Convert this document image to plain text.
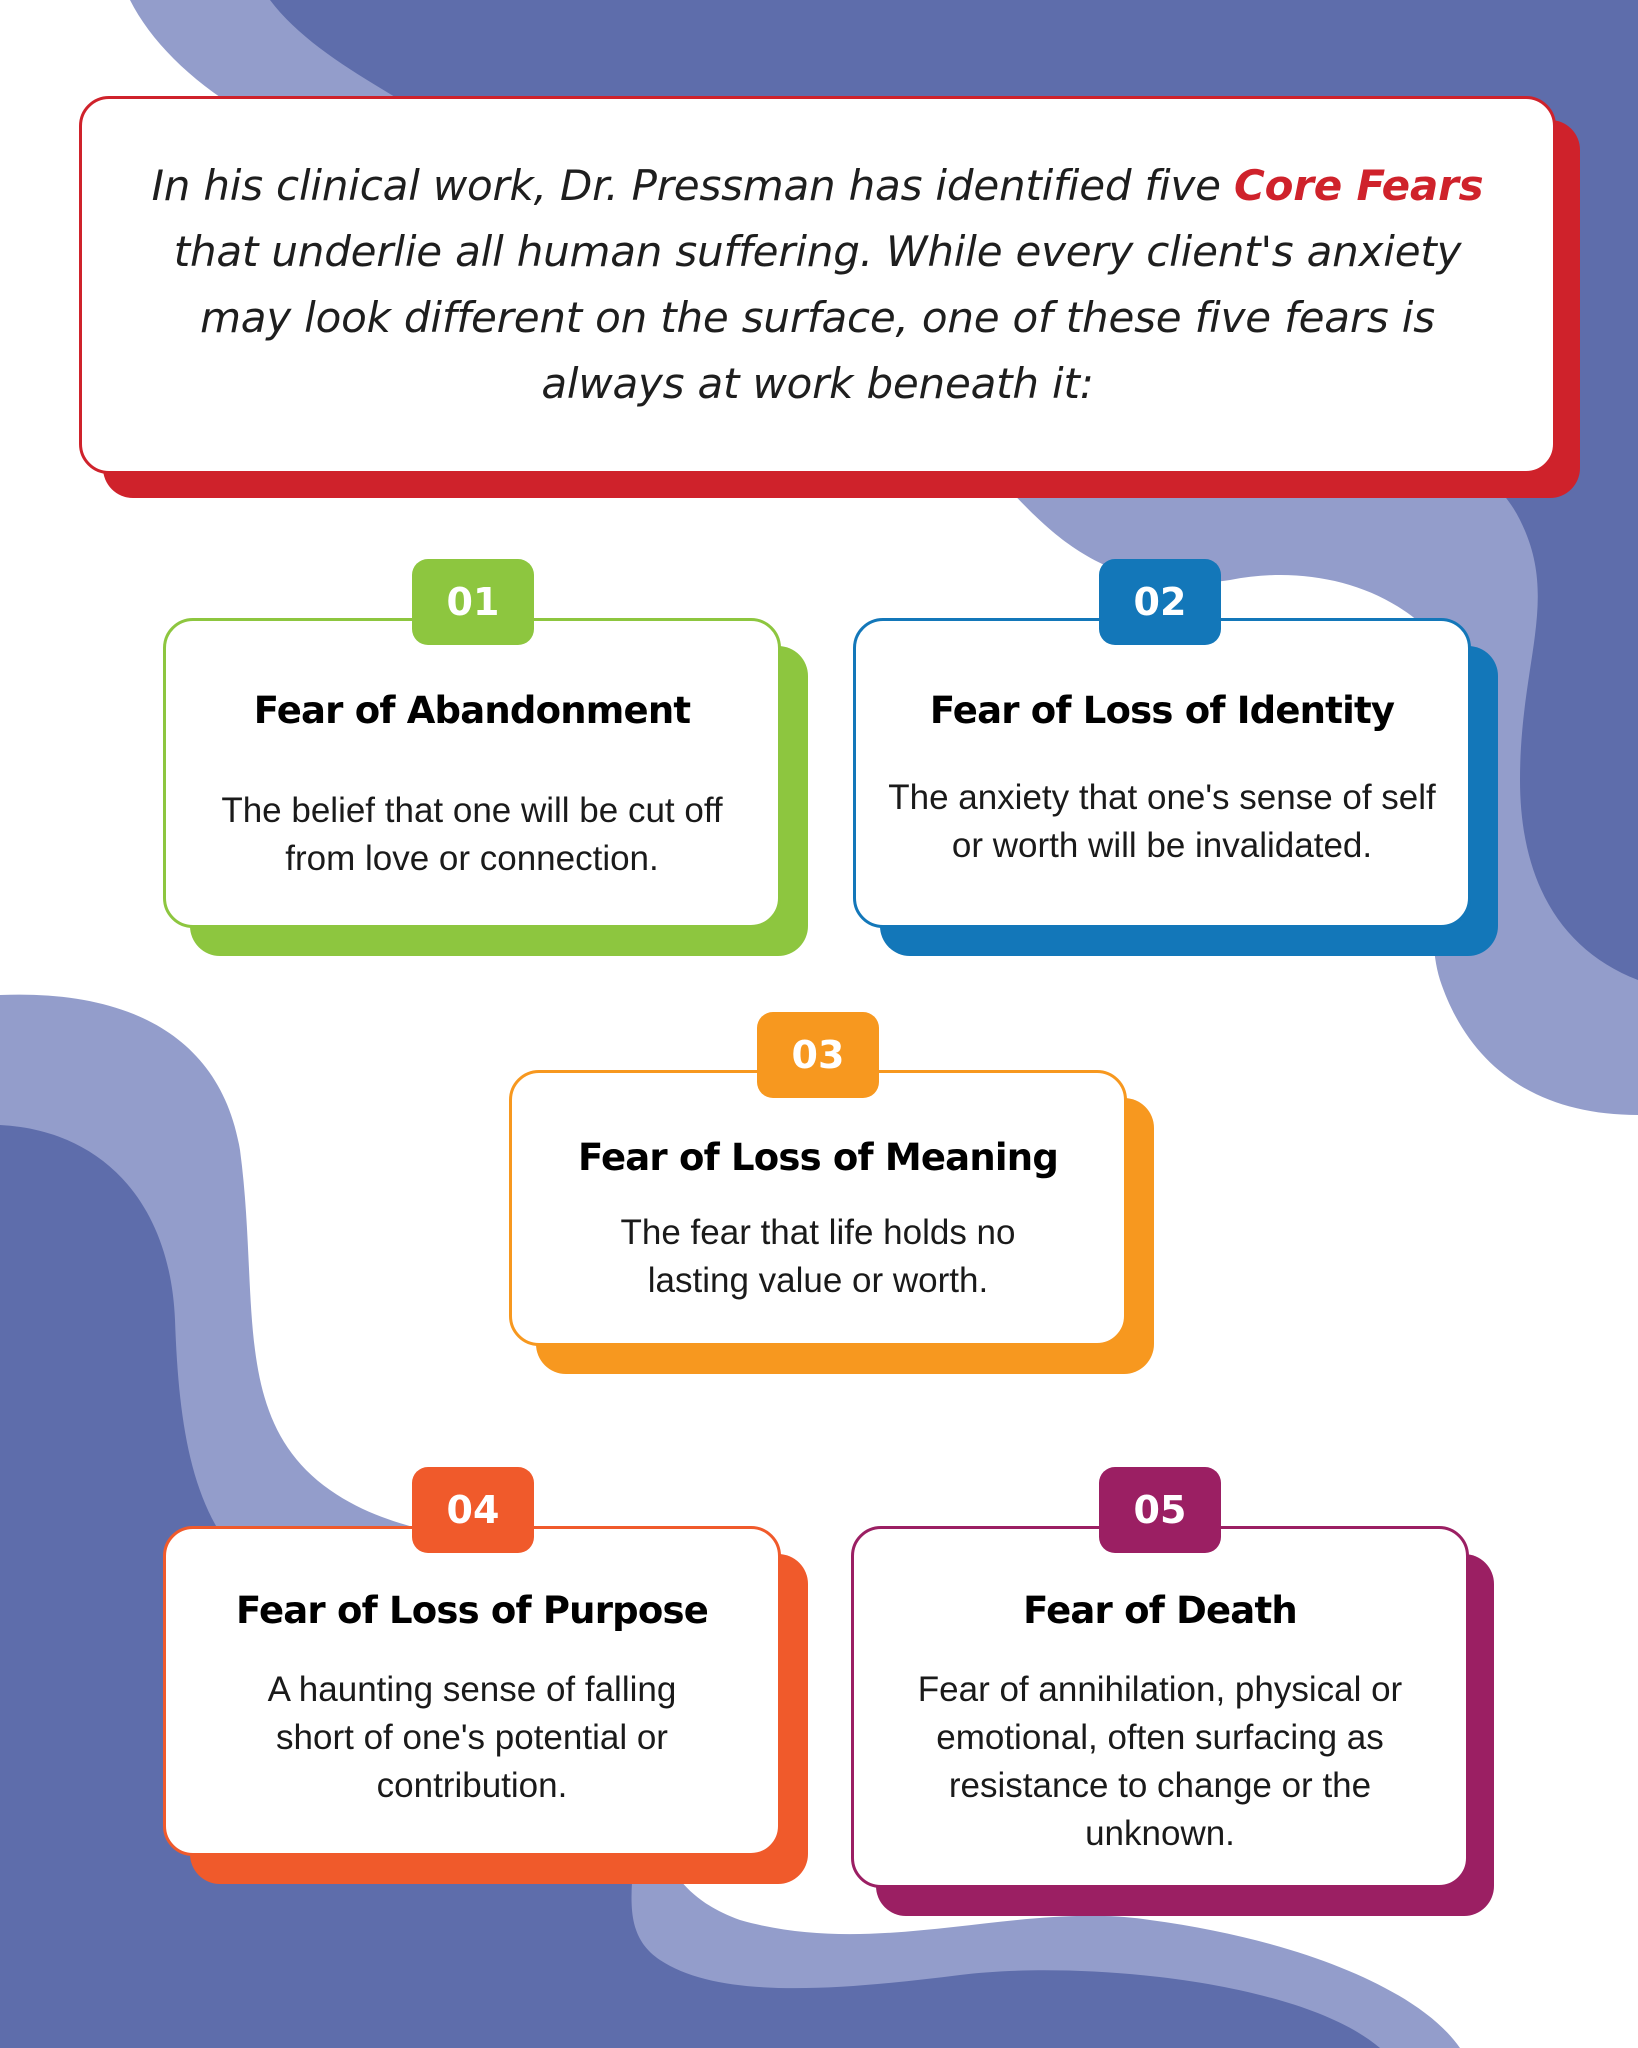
In his clinical work, Dr. Pressman has identified five Core Fears that underlie all human suffering. While every client's anxiety may look different on the surface, one of these five fears is always at work beneath it:

Fear of Abandonment
The belief that one will be cut off from love or connection.
01
Fear of Loss of Identity
The anxiety that one's sense of self or worth will be invalidated.
02
Fear of Loss of Meaning
The fear that life holds no lasting value or worth.
03
Fear of Loss of Purpose
A haunting sense of falling short of one's potential or contribution.
04
Fear of Death
Fear of annihilation, physical or emotional, often surfacing as resistance to change or the unknown.
05
